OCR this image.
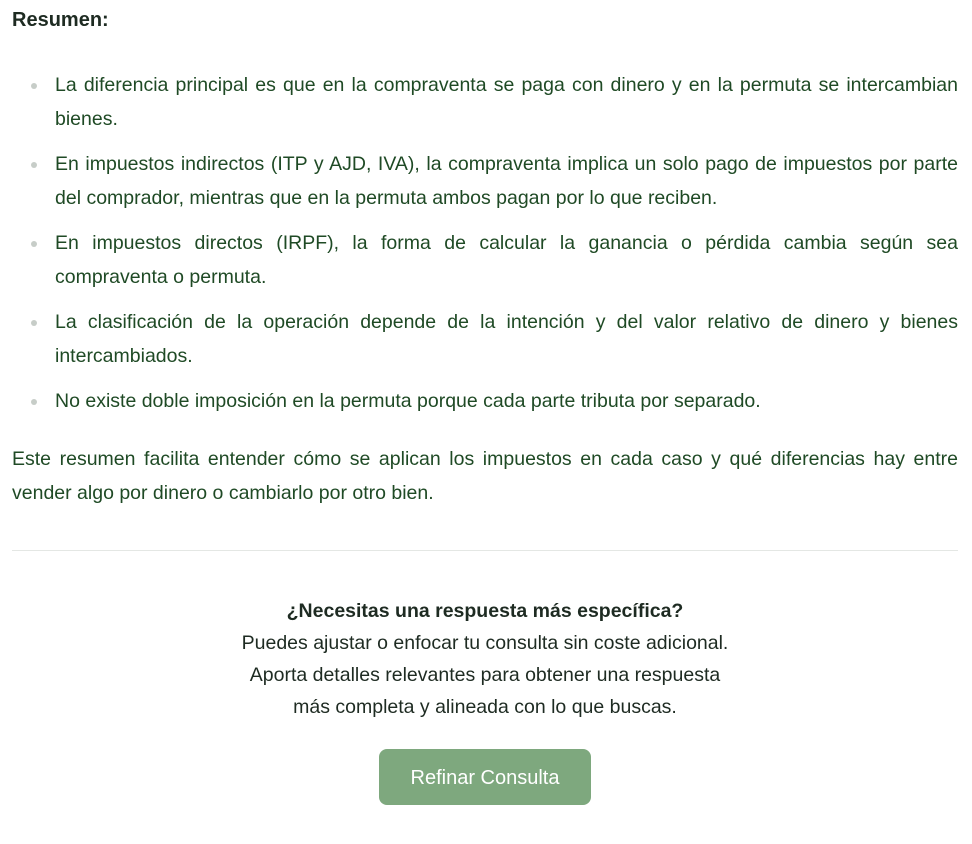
Resumen:
La diferencia principal es que en la compraventa se paga con dinero y en la permuta se intercambian bienes.
En impuestos indirectos (ITP y AJD, IVA), la compraventa implica un solo pago de impuestos por parte del comprador, mientras que en la permuta ambos pagan por lo que reciben.
En impuestos directos (IRPF), la forma de calcular la ganancia o pérdida cambia según sea compraventa o permuta.
La clasificación de la operación depende de la intención y del valor relativo de dinero y bienes intercambiados.
No existe doble imposición en la permuta porque cada parte tributa por separado.

Este resumen facilita entender cómo se aplican los impuestos en cada caso y qué diferencias hay entre vender algo por dinero o cambiarlo por otro bien.

¿Necesitas una respuesta más específica?

Puedes ajustar o enfocar tu consulta sin coste adicional.

Aporta detalles relevantes para obtener una respuesta

más completa y alineada con lo que buscas.

Refinar Consulta
